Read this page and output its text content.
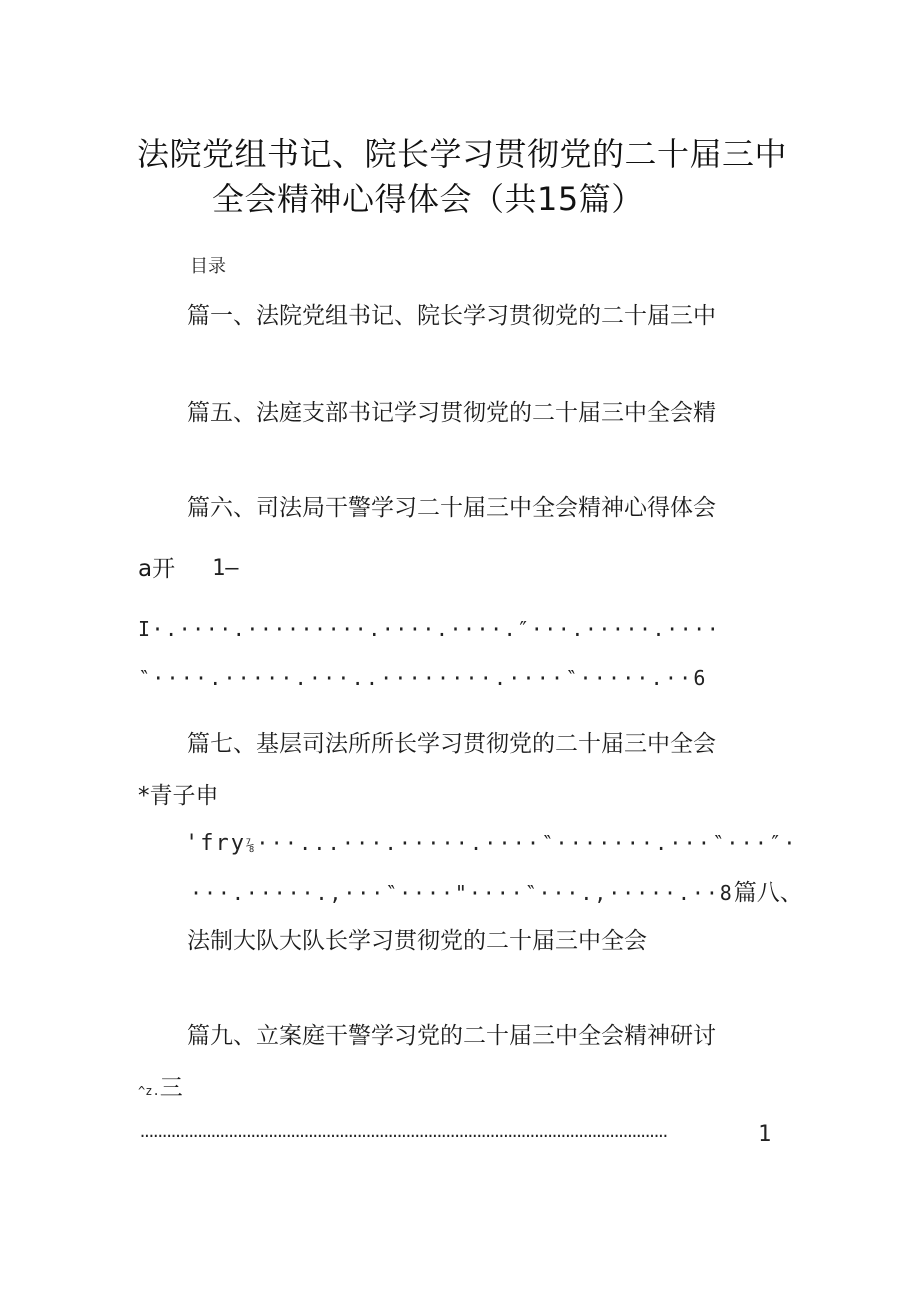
法院党组书记、院长学习贯彻党的二十届三中
全会精神心得体会（共15篇）
目录
篇一、法院党组书记、院长学习贯彻党的二十届三中
篇五、法庭支部书记学习贯彻党的二十届三中全会精
篇六、司法局干警学习二十届三中全会精神心得体会
a开 1—
I·.····.·········.····.····.″···.·····.····
‶····.·····.···..········.····‶·····.··6
篇七、基层司法所所长学习贯彻党的二十届三中全会
*青子申
'fry⅞···...···.·····.····‶·······.···‶···″·
···.·····.,···‶····"····‶···.,·····.··8篇八、
法制大队大队长学习贯彻党的二十届三中全会
篇九、立案庭干警学习党的二十届三中全会精神研讨
^z.三
.......................................................................................................................	1
